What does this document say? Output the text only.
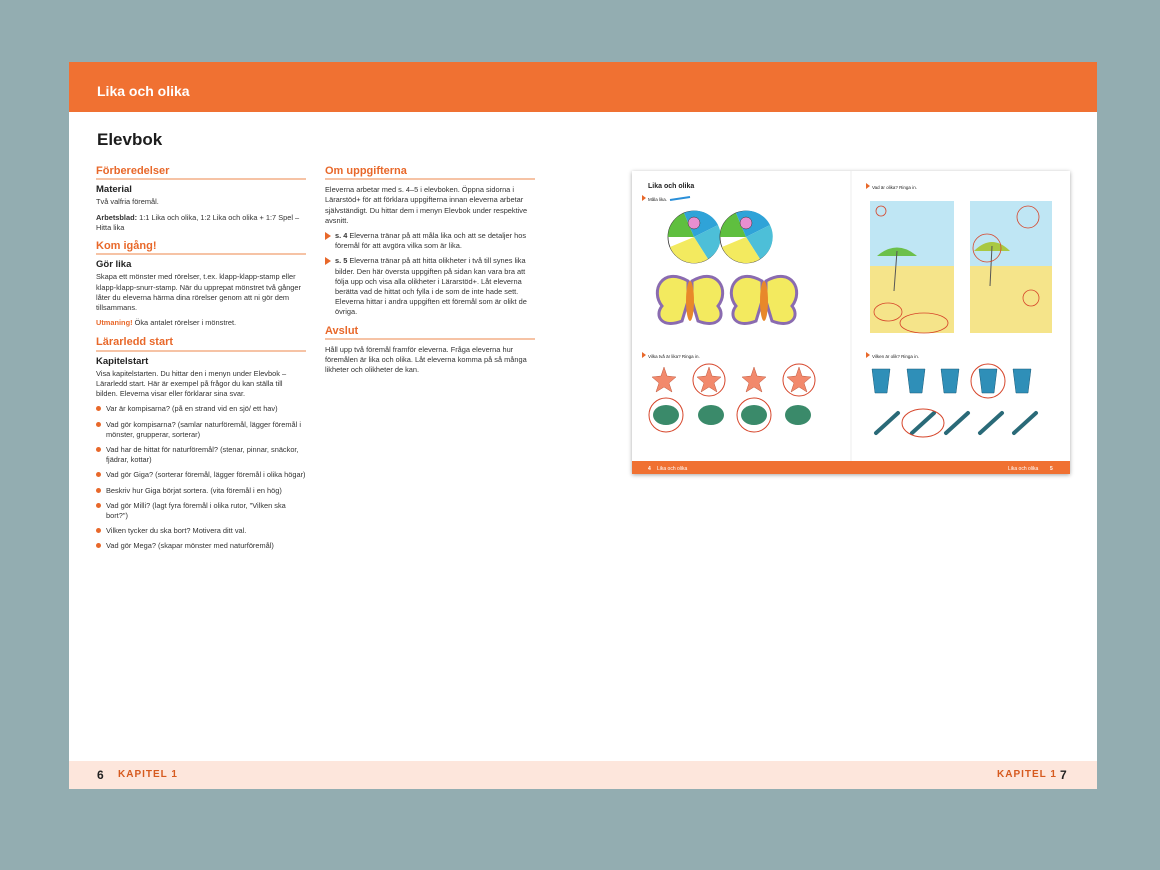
Lika och olika
Elevbok
Förberedelser
Material

Två valfria föremål.

Arbetsblad: 1:1 Lika och olika, 1:2 Lika och olika + 1:7 Spel – Hitta lika

Kom igång!
Gör lika

Skapa ett mönster med rörelser, t.ex. klapp-klapp-stamp eller klapp-klapp-snurr-stamp. När du upprepat mönstret två gånger låter du eleverna härma dina rörelser genom att ni gör dem tillsammans.

Utmaning! Öka antalet rörelser i mönstret.

Lärarledd start
Kapitelstart

Visa kapitelstarten. Du hittar den i menyn under Elevbok – Lärarledd start. Här är exempel på frågor du kan ställa till bilden. Eleverna visar eller förklarar sina svar.

Var är kompisarna? (på en strand vid en sjö/ ett hav)
Vad gör kompisarna? (samlar naturföremål, lägger föremål i mönster, grupperar, sorterar)
Vad har de hittat för naturföremål? (stenar, pinnar, snäckor, fjädrar, kottar)
Vad gör Giga? (sorterar föremål, lägger föremål i olika högar)
Beskriv hur Giga börjat sortera. (vita föremål i en hög)
Vad gör Milli? (lagt fyra föremål i olika rutor, "Vilken ska bort?")
Vilken tycker du ska bort? Motivera ditt val.
Vad gör Mega? (skapar mönster med naturföremål)
Om uppgifterna

Eleverna arbetar med s. 4–5 i elevboken. Öppna sidorna i Lärarstöd+ för att förklara uppgifterna innan eleverna arbetar självständigt. Du hittar dem i menyn Elevbok under respektive avsnitt.

s. 4 Eleverna tränar på att måla lika och att se detaljer hos föremål för att avgöra vilka som är lika.
s. 5 Eleverna tränar på att hitta olikheter i två till synes lika bilder. Den här översta uppgiften på sidan kan vara bra att följa upp och visa alla olikheter i Lärarstöd+. Låt eleverna berätta vad de hittat och fylla i de som de inte hade sett. Eleverna hittar i andra uppgiften ett föremål som är olikt de övriga.
Avslut

Håll upp två föremål framför eleverna. Fråga eleverna hur föremålen är lika och olika. Låt eleverna komma på så många likheter och olikheter de kan.

Lika och olika
Måla lika.
Vilka två är lika? Ringa in.
Vad är olika? Ringa in.
Vilken är olik? Ringa in.
4 Lika och olika	Lika och olika 5
6 KAPITEL 1	KAPITEL 1 7
